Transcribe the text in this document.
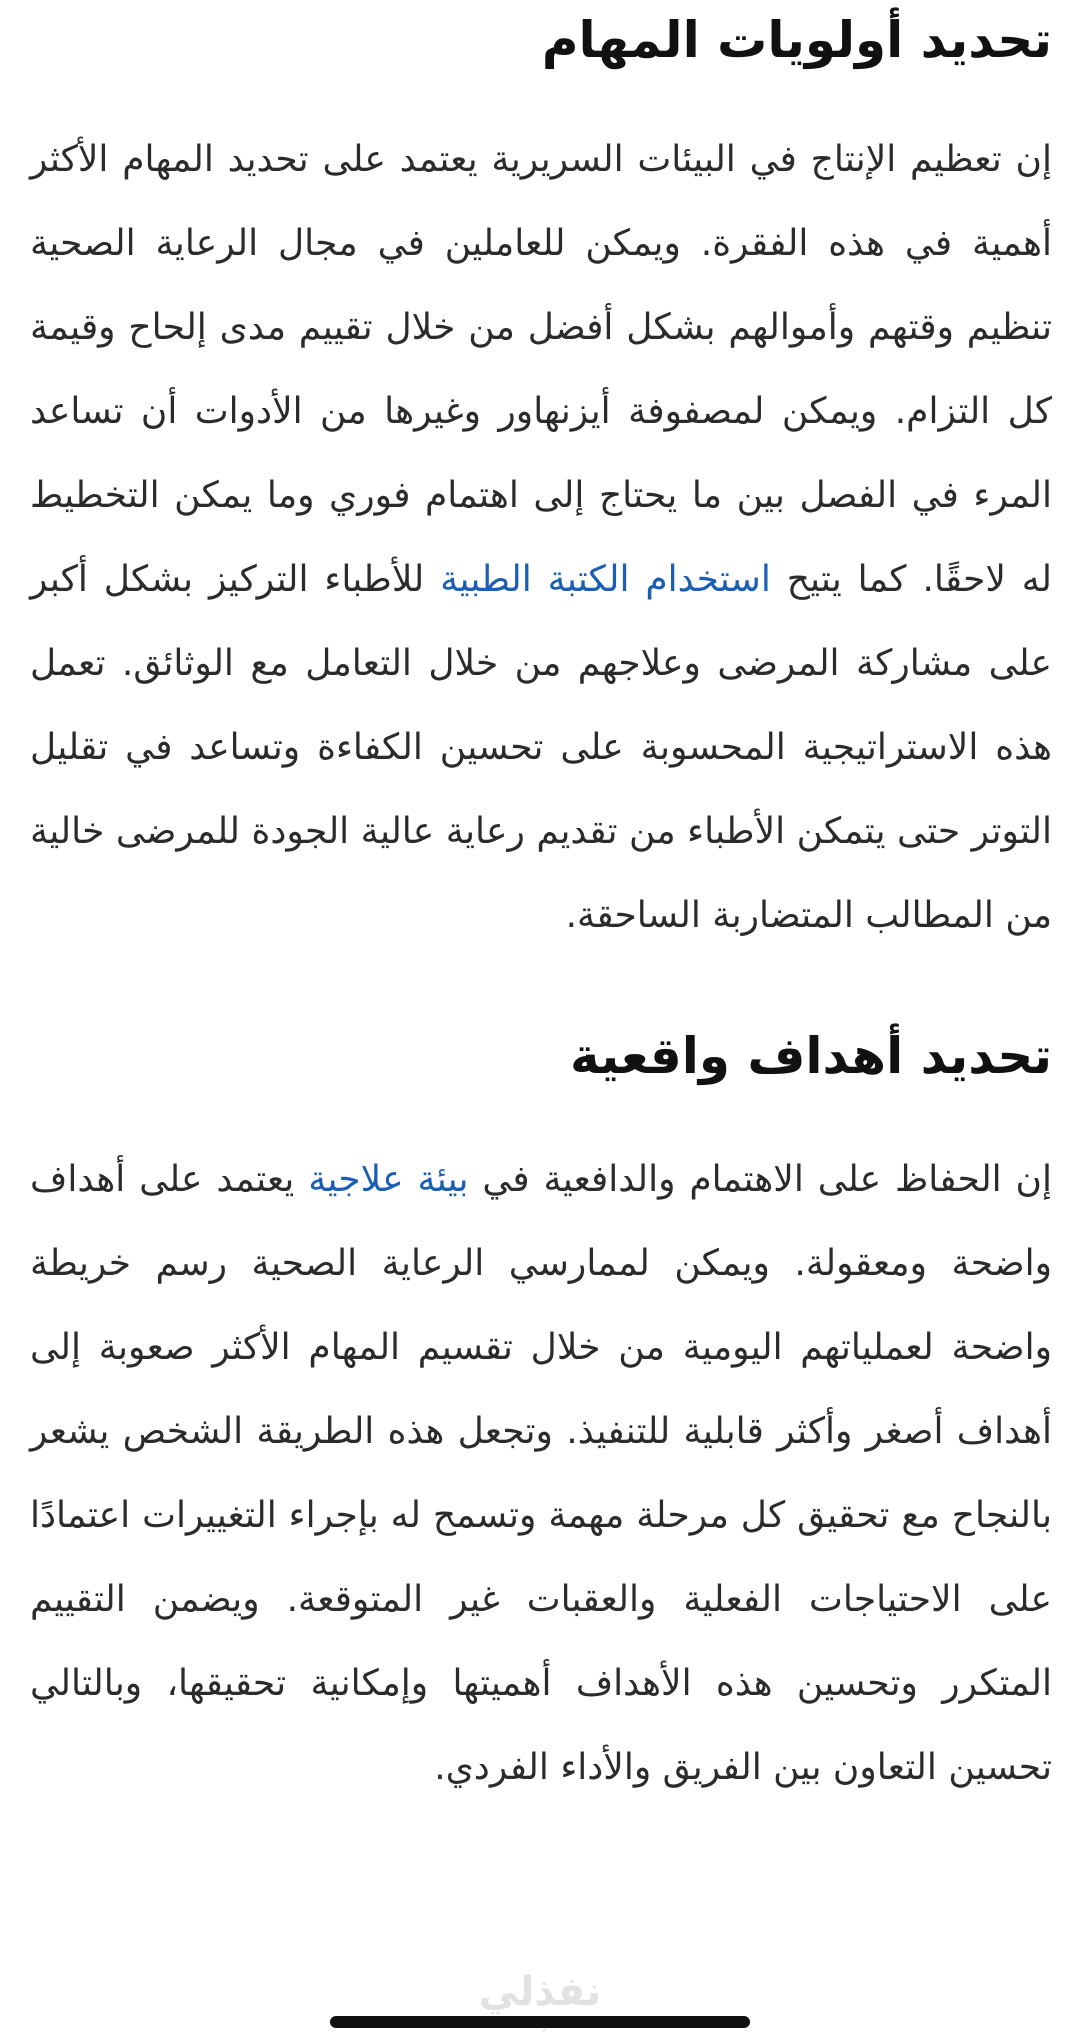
تحديد أولويات المهام

إن تعظيم الإنتاج في البيئات السريرية يعتمد على تحديد المهام الأكثر أهمية في هذه الفقرة. ويمكن للعاملين في مجال الرعاية الصحية تنظيم وقتهم وأموالهم بشكل أفضل من خلال تقييم مدى إلحاح وقيمة كل التزام. ويمكن لمصفوفة أيزنهاور وغيرها من الأدوات أن تساعد المرء في الفصل بين ما يحتاج إلى اهتمام فوري وما يمكن التخطيط له لاحقًا. كما يتيح استخدام الكتبة الطبية للأطباء التركيز بشكل أكبر على مشاركة المرضى وعلاجهم من خلال التعامل مع الوثائق. تعمل هذه الاستراتيجية المحسوبة على تحسين الكفاءة وتساعد في تقليل التوتر حتى يتمكن الأطباء من تقديم رعاية عالية الجودة للمرضى خالية من المطالب المتضاربة الساحقة.

تحديد أهداف واقعية

إن الحفاظ على الاهتمام والدافعية في بيئة علاجية يعتمد على أهداف واضحة ومعقولة. ويمكن لممارسي الرعاية الصحية رسم خريطة واضحة لعملياتهم اليومية من خلال تقسيم المهام الأكثر صعوبة إلى أهداف أصغر وأكثر قابلية للتنفيذ. وتجعل هذه الطريقة الشخص يشعر بالنجاح مع تحقيق كل مرحلة مهمة وتسمح له بإجراء التغييرات اعتمادًا على الاحتياجات الفعلية والعقبات غير المتوقعة. ويضمن التقييم المتكرر وتحسين هذه الأهداف أهميتها وإمكانية تحقيقها، وبالتالي تحسين التعاون بين الفريق والأداء الفردي.

نفذلي
